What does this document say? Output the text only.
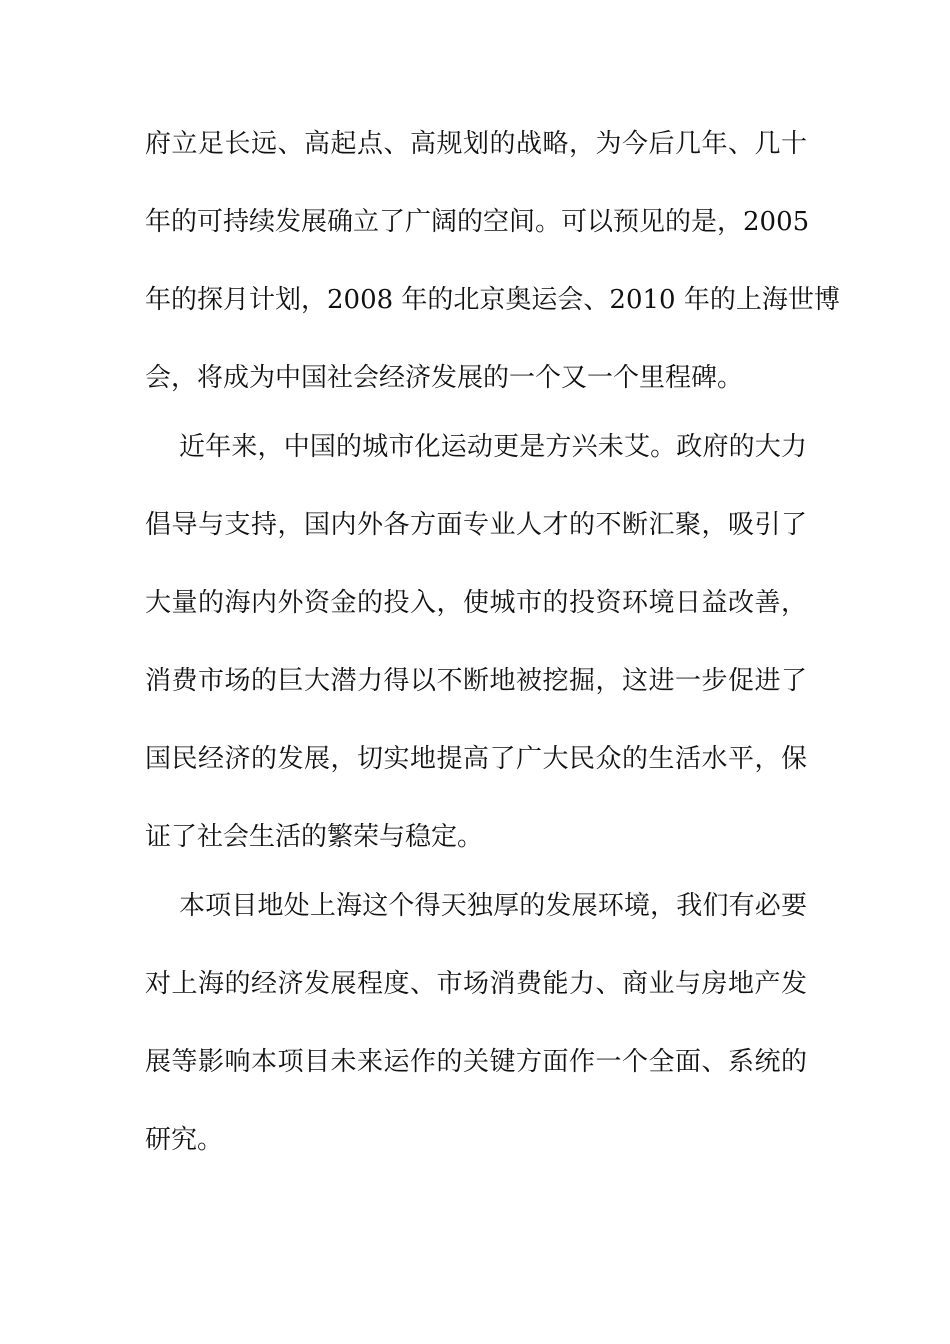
府立足长远、高起点、高规划的战略，为今后几年、几十
年的可持续发展确立了广阔的空间。可以预见的是，2005
年的探月计划，2008 年的北京奥运会、2010 年的上海世博
会，将成为中国社会经济发展的一个又一个里程碑。
近年来，中国的城市化运动更是方兴未艾。政府的大力
倡导与支持，国内外各方面专业人才的不断汇聚，吸引了
大量的海内外资金的投入，使城市的投资环境日益改善，
消费市场的巨大潜力得以不断地被挖掘，这进一步促进了
国民经济的发展，切实地提高了广大民众的生活水平，保
证了社会生活的繁荣与稳定。
本项目地处上海这个得天独厚的发展环境，我们有必要
对上海的经济发展程度、市场消费能力、商业与房地产发
展等影响本项目未来运作的关键方面作一个全面、系统的
研究。
